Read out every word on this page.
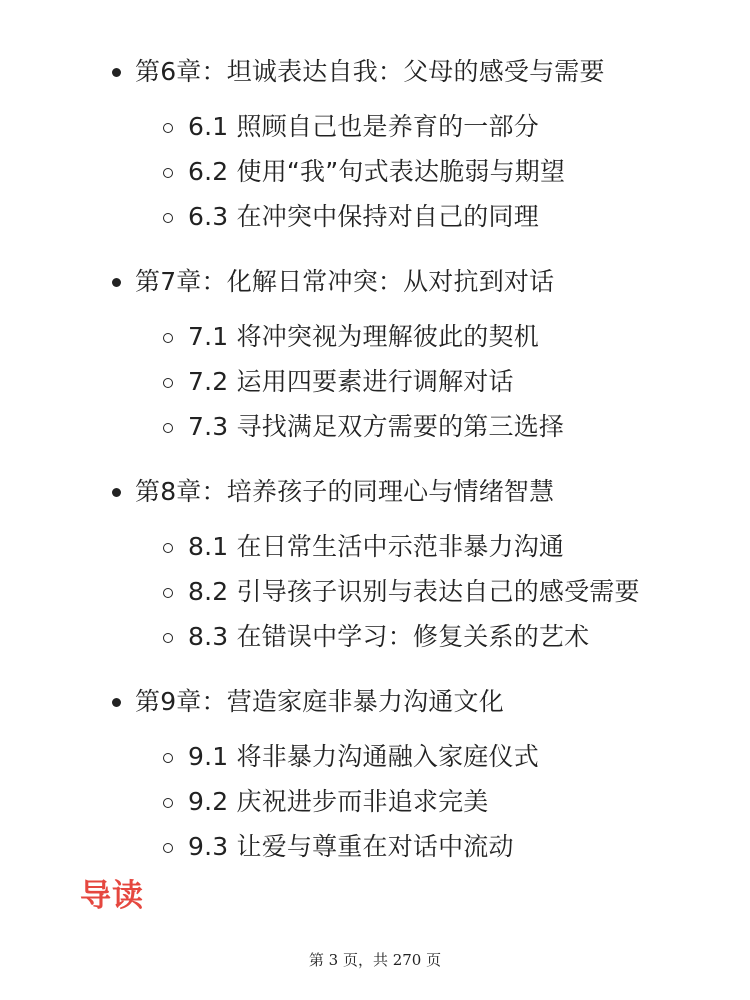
第6章：坦诚表达自我：父母的感受与需要
6.1 照顾自己也是养育的一部分
6.2 使用“我”句式表达脆弱与期望
6.3 在冲突中保持对自己的同理
第7章：化解日常冲突：从对抗到对话
7.1 将冲突视为理解彼此的契机
7.2 运用四要素进行调解对话
7.3 寻找满足双方需要的第三选择
第8章：培养孩子的同理心与情绪智慧
8.1 在日常生活中示范非暴力沟通
8.2 引导孩子识别与表达自己的感受需要
8.3 在错误中学习：修复关系的艺术
第9章：营造家庭非暴力沟通文化
9.1 将非暴力沟通融入家庭仪式
9.2 庆祝进步而非追求完美
9.3 让爱与尊重在对话中流动
导读
第 3 页，共 270 页
